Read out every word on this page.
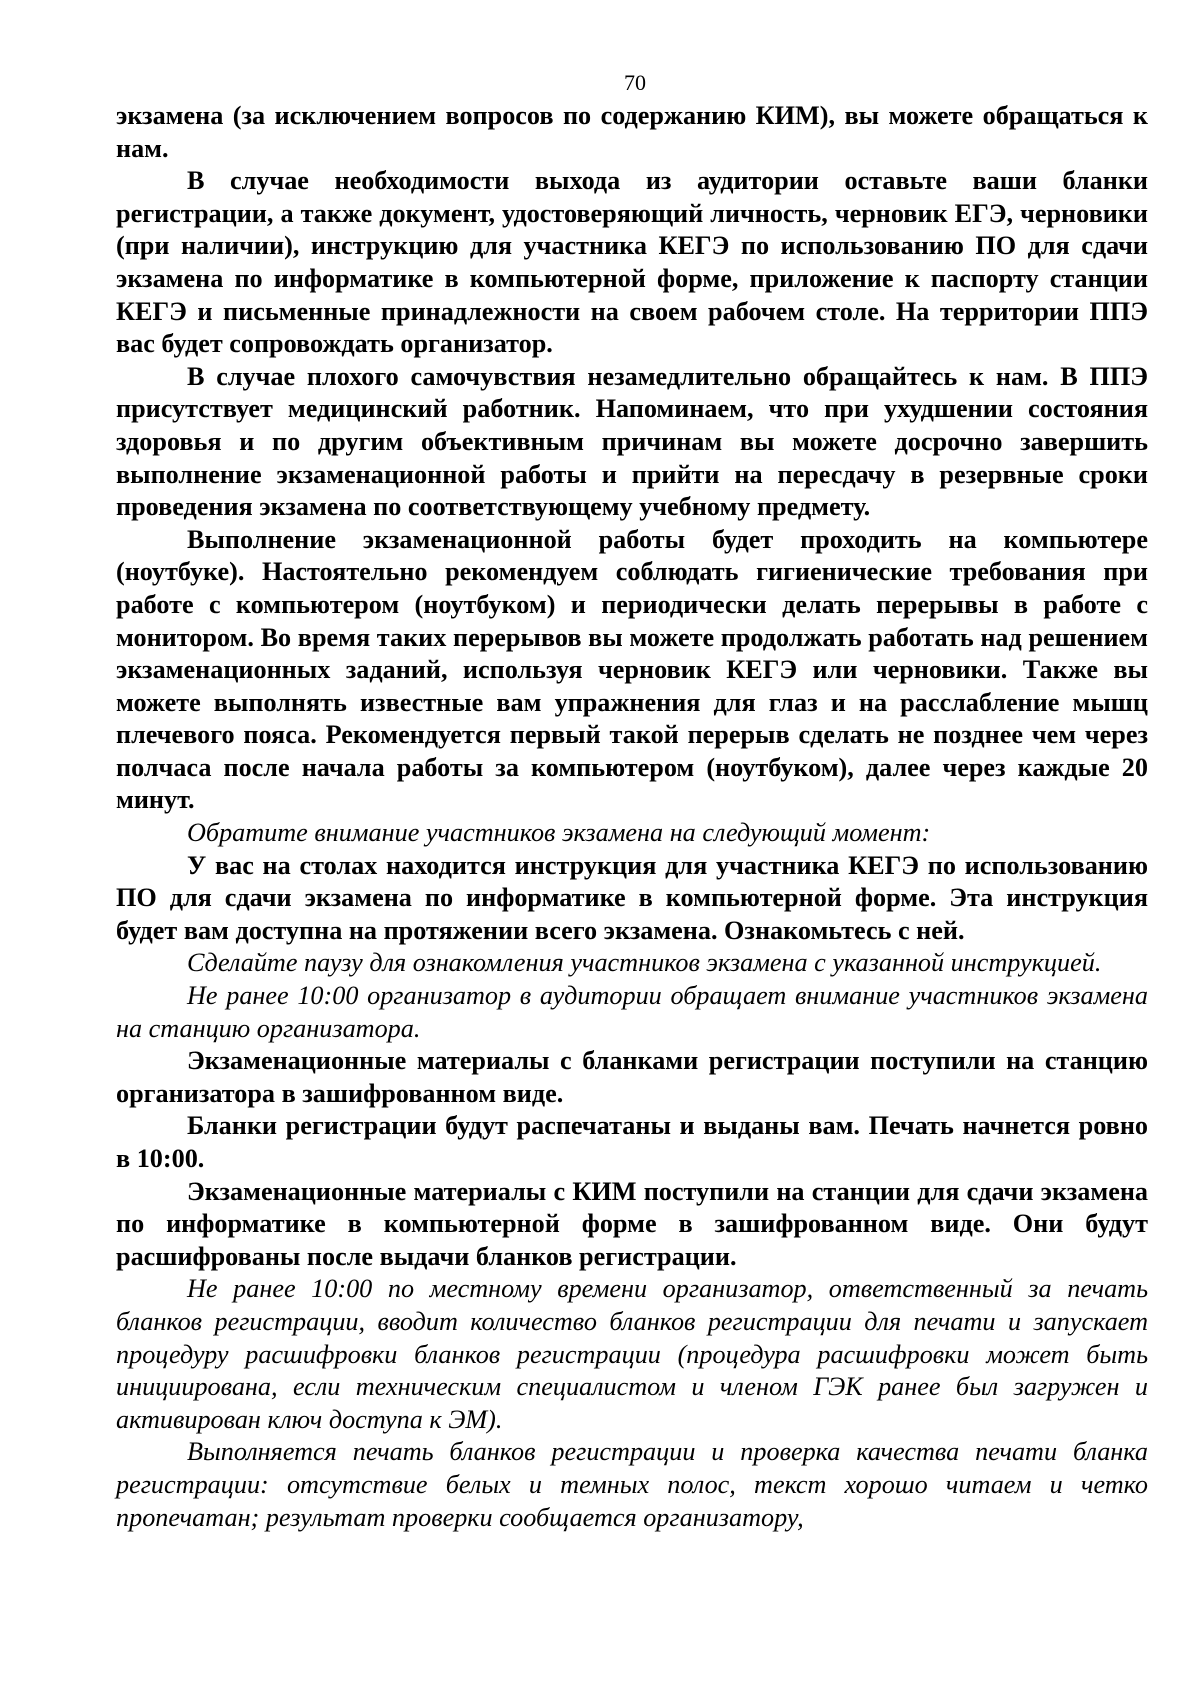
70

экзамена (за исключением вопросов по содержанию КИМ), вы можете обращаться к нам.

В случае необходимости выхода из аудитории оставьте ваши бланки регистрации, а также документ, удостоверяющий личность, черновик ЕГЭ, черновики (при наличии), инструкцию для участника КЕГЭ по использованию ПО для сдачи экзамена по информатике в компьютерной форме, приложение к паспорту станции КЕГЭ и письменные принадлежности на своем рабочем столе. На территории ППЭ вас будет сопровождать организатор.

В случае плохого самочувствия незамедлительно обращайтесь к нам. В ППЭ присутствует медицинский работник. Напоминаем, что при ухудшении состояния здоровья и по другим объективным причинам вы можете досрочно завершить выполнение экзаменационной работы и прийти на пересдачу в резервные сроки проведения экзамена по соответствующему учебному предмету.

Выполнение экзаменационной работы будет проходить на компьютере (ноутбуке). Настоятельно рекомендуем соблюдать гигиенические требования при работе с компьютером (ноутбуком) и периодически делать перерывы в работе с монитором. Во время таких перерывов вы можете продолжать работать над решением экзаменационных заданий, используя черновик КЕГЭ или черновики. Также вы можете выполнять известные вам упражнения для глаз и на расслабление мышц плечевого пояса. Рекомендуется первый такой перерыв сделать не позднее чем через полчаса после начала работы за компьютером (ноутбуком), далее через каждые 20 минут.

Обратите внимание участников экзамена на следующий момент:

У вас на столах находится инструкция для участника КЕГЭ по использованию ПО для сдачи экзамена по информатике в компьютерной форме. Эта инструкция будет вам доступна на протяжении всего экзамена. Ознакомьтесь с ней.

Сделайте паузу для ознакомления участников экзамена с указанной инструкцией.

Не ранее 10:00 организатор в аудитории обращает внимание участников экзамена на станцию организатора.

Экзаменационные материалы с бланками регистрации поступили на станцию организатора в зашифрованном виде.

Бланки регистрации будут распечатаны и выданы вам. Печать начнется ровно в 10:00.

Экзаменационные материалы с КИМ поступили на станции для сдачи экзамена по информатике в компьютерной форме в зашифрованном виде. Они будут расшифрованы после выдачи бланков регистрации.

Не ранее 10:00 по местному времени организатор, ответственный за печать бланков регистрации, вводит количество бланков регистрации для печати и запускает процедуру расшифровки бланков регистрации (процедура расшифровки может быть инициирована, если техническим специалистом и членом ГЭК ранее был загружен и активирован ключ доступа к ЭМ).

Выполняется печать бланков регистрации и проверка качества печати бланка регистрации: отсутствие белых и темных полос, текст хорошо читаем и четко пропечатан; результат проверки сообщается организатору,
